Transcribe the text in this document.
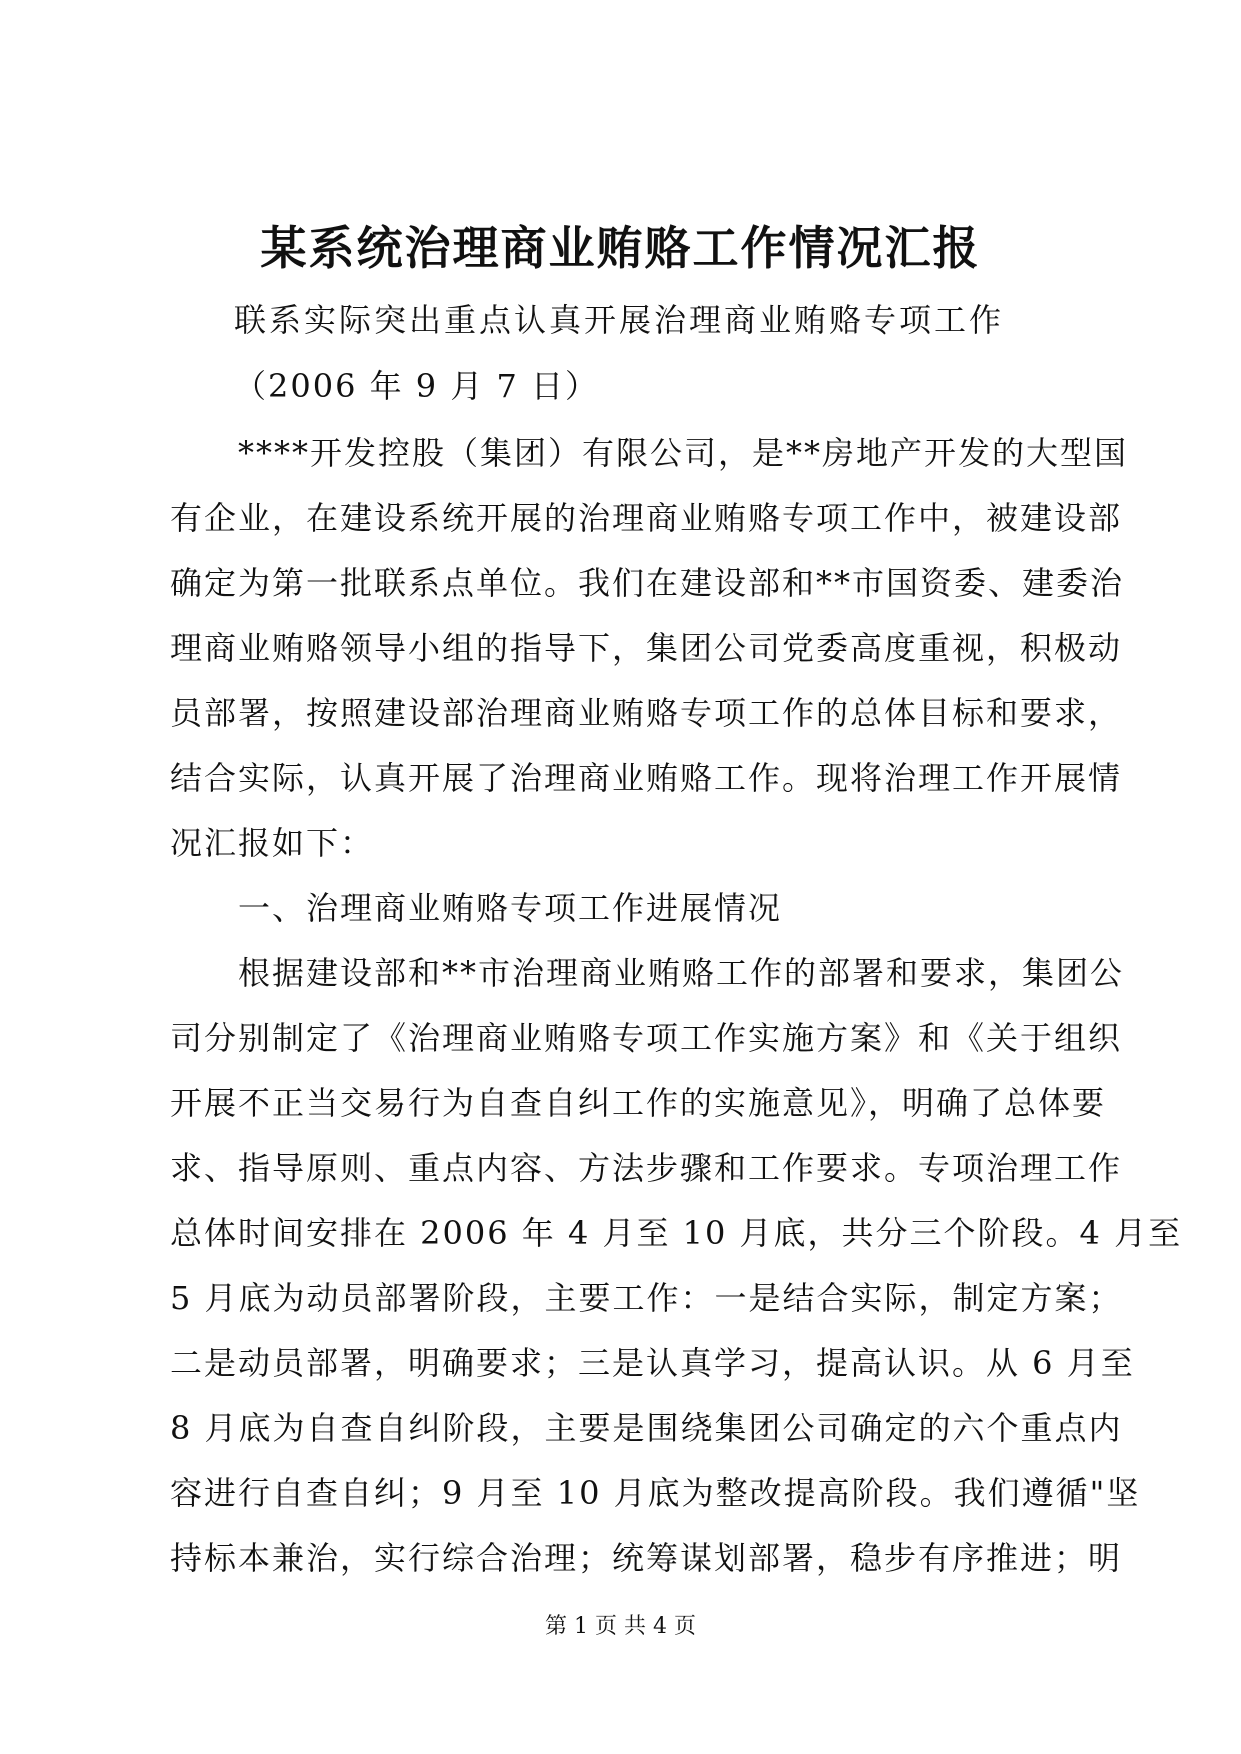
某系统治理商业贿赂工作情况汇报
联系实际突出重点认真开展治理商业贿赂专项工作
（2006 年 9 月 7 日）
　　****开发控股（集团）有限公司，是**房地产开发的大型国
有企业，在建设系统开展的治理商业贿赂专项工作中，被建设部
确定为第一批联系点单位。我们在建设部和**市国资委、建委治
理商业贿赂领导小组的指导下，集团公司党委高度重视，积极动
员部署，按照建设部治理商业贿赂专项工作的总体目标和要求，
结合实际，认真开展了治理商业贿赂工作。现将治理工作开展情
况汇报如下：
　　一、治理商业贿赂专项工作进展情况
　　根据建设部和**市治理商业贿赂工作的部署和要求，集团公
司分别制定了《治理商业贿赂专项工作实施方案》和《关于组织
开展不正当交易行为自查自纠工作的实施意见》，明确了总体要
求、指导原则、重点内容、方法步骤和工作要求。专项治理工作
总体时间安排在 2006 年 4 月至 10 月底，共分三个阶段。4 月至
5 月底为动员部署阶段，主要工作：一是结合实际，制定方案；
二是动员部署，明确要求；三是认真学习，提高认识。从 6 月至
8 月底为自查自纠阶段，主要是围绕集团公司确定的六个重点内
容进行自查自纠；9 月至 10 月底为整改提高阶段。我们遵循"坚
持标本兼治，实行综合治理；统筹谋划部署，稳步有序推进；明
第 1 页 共 4 页
